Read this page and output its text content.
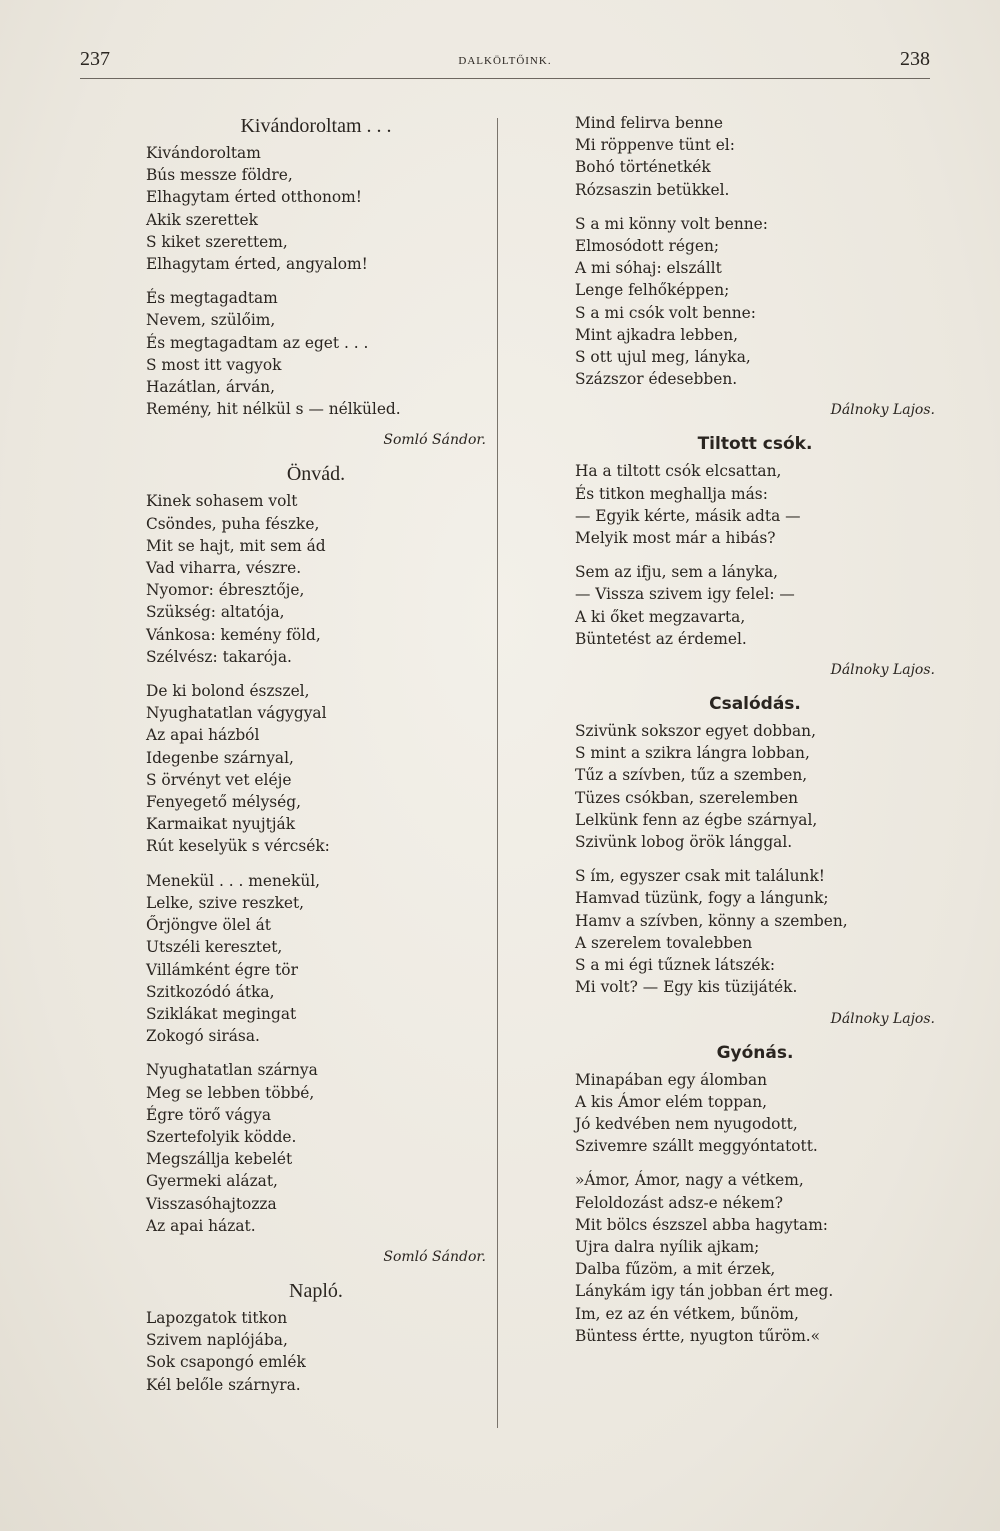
237	DALKÖLTŐINK.	238
Kivándoroltam . . .
Kivándoroltam
Bús messze földre,
Elhagytam érted otthonom!
Akik szerettek
S kiket szerettem,
Elhagytam érted, angyalom!
És megtagadtam
Nevem, szülőim,
És megtagadtam az eget . . .
S most itt vagyok
Hazátlan, árván,
Remény, hit nélkül s — nélküled.
Somló Sándor.
Önvád.
Kinek sohasem volt
Csöndes, puha fészke,
Mit se hajt, mit sem ád
Vad viharra, vészre.
Nyomor: ébresztője,
Szükség: altatója,
Vánkosa: kemény föld,
Szélvész: takarója.
De ki bolond észszel,
Nyughatatlan vágygyal
Az apai házból
Idegenbe szárnyal,
S örvényt vet eléje
Fenyegető mélység,
Karmaikat nyujtják
Rút keselyük s vércsék:
Menekül . . . menekül,
Lelke, szive reszket,
Őrjöngve ölel át
Utszéli keresztet,
Villámként égre tör
Szitkozódó átka,
Sziklákat megingat
Zokogó sirása.
Nyughatatlan szárnya
Meg se lebben többé,
Égre törő vágya
Szertefolyik ködde.
Megszállja kebelét
Gyermeki alázat,
Visszasóhajtozza
Az apai házat.
Somló Sándor.
Napló.
Lapozgatok titkon
Szivem naplójába,
Sok csapongó emlék
Kél belőle szárnyra.
Mind felirva benne
Mi röppenve tünt el:
Bohó történetkék
Rózsaszin betükkel.
S a mi könny volt benne:
Elmosódott régen;
A mi sóhaj: elszállt
Lenge felhőképpen;
S a mi csók volt benne:
Mint ajkadra lebben,
S ott ujul meg, lányka,
Százszor édesebben.
Dálnoky Lajos.
Tiltott csók.
Ha a tiltott csók elcsattan,
És titkon meghallja más:
— Egyik kérte, másik adta —
Melyik most már a hibás?
Sem az ifju, sem a lányka,
— Vissza szivem igy felel: —
A ki őket megzavarta,
Büntetést az érdemel.
Dálnoky Lajos.
Csalódás.
Szivünk sokszor egyet dobban,
S mint a szikra lángra lobban,
Tűz a szívben, tűz a szemben,
Tüzes csókban, szerelemben
Lelkünk fenn az égbe szárnyal,
Szivünk lobog örök lánggal.
S ím, egyszer csak mit találunk!
Hamvad tüzünk, fogy a lángunk;
Hamv a szívben, könny a szemben,
A szerelem tovalebben
S a mi égi tűznek látszék:
Mi volt? — Egy kis tüzijáték.
Dálnoky Lajos.
Gyónás.
Minapában egy álomban
A kis Ámor elém toppan,
Jó kedvében nem nyugodott,
Szivemre szállt meggyóntatott.
»Ámor, Ámor, nagy a vétkem,
Feloldozást adsz-e nékem?
Mit bölcs észszel abba hagytam:
Ujra dalra nyílik ajkam;
Dalba fűzöm, a mit érzek,
Lánykám igy tán jobban ért meg.
Im, ez az én vétkem, bűnöm,
Büntess értte, nyugton tűröm.«
